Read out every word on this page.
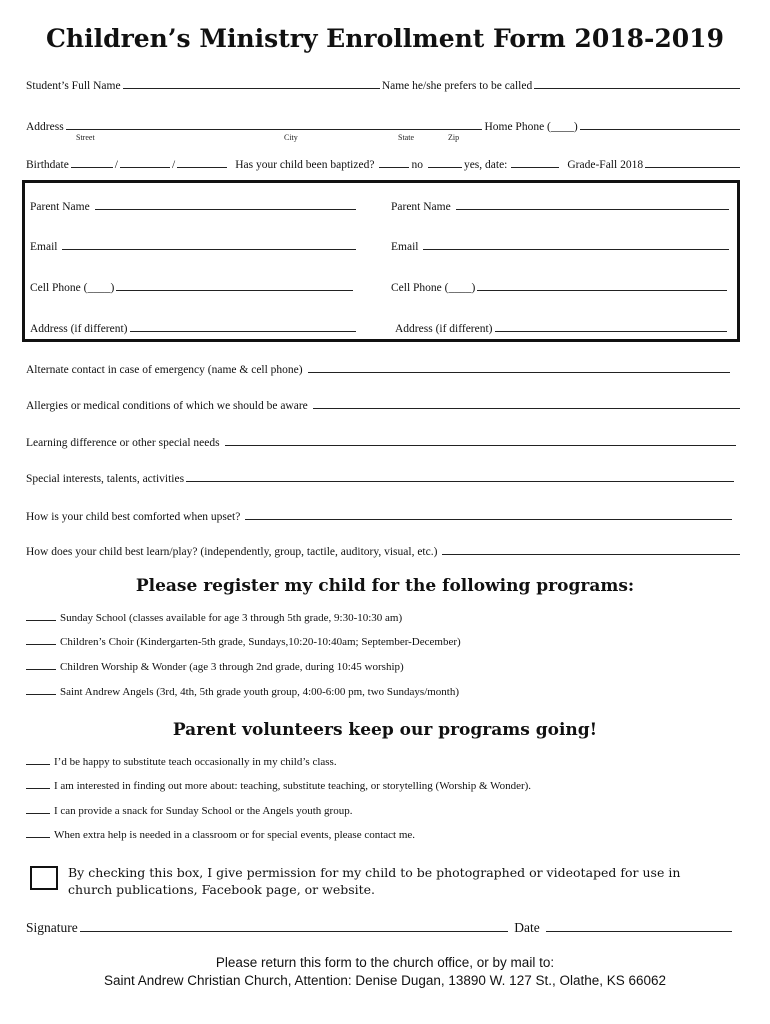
Children’s Ministry Enrollment Form 2018-2019
Student’s Full Name	Name he/she prefers to be called
Address	Home Phone (____)
Street	City	State	Zip
Birthdate	/	/	Has your child been baptized?	no	yes, date:	Grade-Fall 2018
Parent Name	Parent Name
Email	Email
Cell Phone (____)	Cell Phone (____)
Address (if different)	Address (if different)
Alternate contact in case of emergency (name & cell phone)
Allergies or medical conditions of which we should be aware
Learning difference or other special needs
Special interests, talents, activities
How is your child best comforted when upset?
How does your child best learn/play? (independently, group, tactile, auditory, visual, etc.)
Please register my child for the following programs:
Sunday School (classes available for age 3 through 5th grade, 9:30-10:30 am)
Children’s Choir (Kindergarten-5th grade, Sundays,10:20-10:40am; September-December)
Children Worship & Wonder (age 3 through 2nd grade, during 10:45 worship)
Saint Andrew Angels (3rd, 4th, 5th grade youth group, 4:00-6:00 pm, two Sundays/month)
Parent volunteers keep our programs going!
I’d be happy to substitute teach occasionally in my child’s class.
I am interested in finding out more about: teaching, substitute teaching, or storytelling (Worship & Wonder).
I can provide a snack for Sunday School or the Angels youth group.
When extra help is needed in a classroom or for special events, please contact me.
By checking this box, I give permission for my child to be photographed or videotaped for use in church publications, Facebook page, or website.
Signature	Date
Please return this form to the church office, or by mail to:
Saint Andrew Christian Church, Attention: Denise Dugan, 13890 W. 127 St., Olathe, KS 66062
